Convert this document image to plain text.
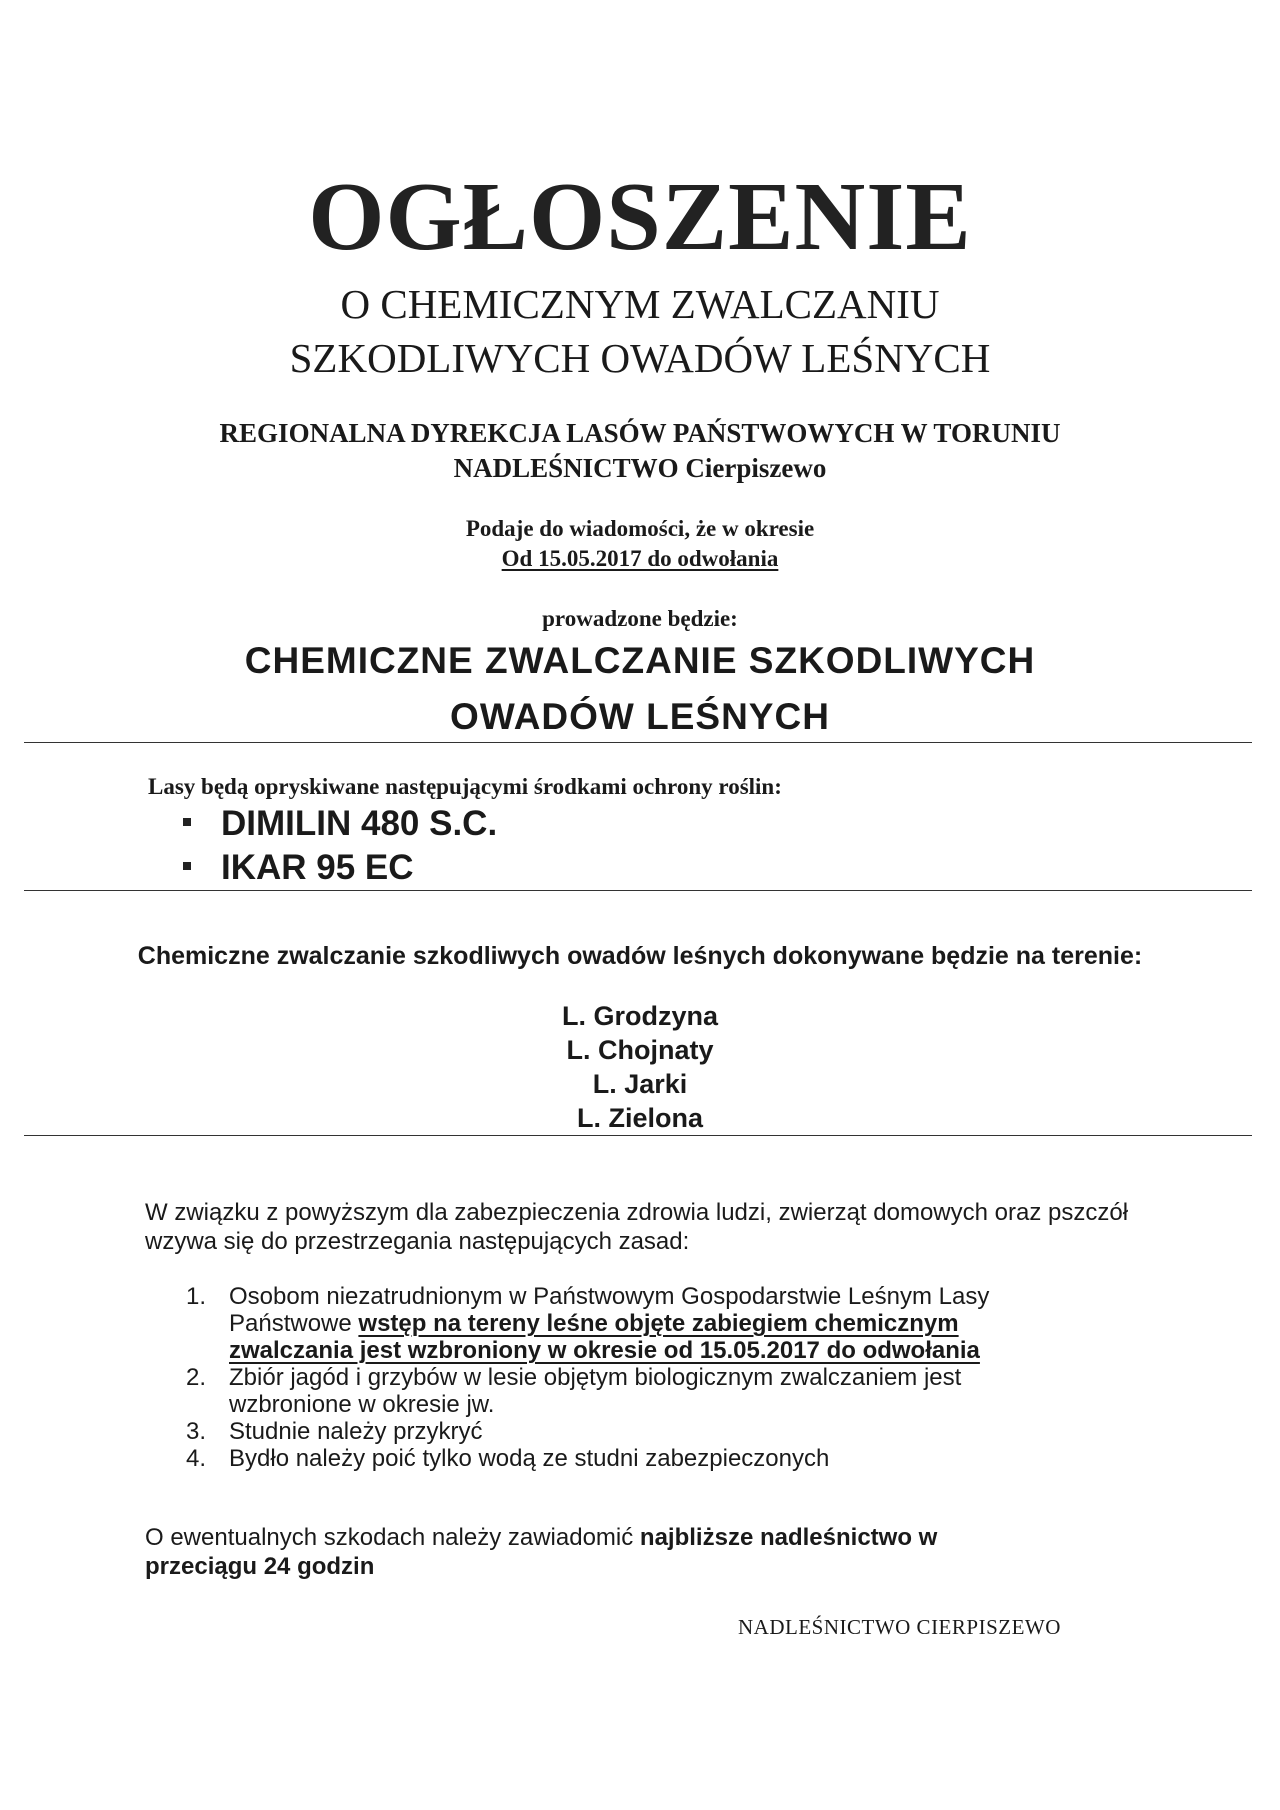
OGŁOSZENIE
O CHEMICZNYM ZWALCZANIU
SZKODLIWYCH OWADÓW LEŚNYCH
REGIONALNA DYREKCJA LASÓW PAŃSTWOWYCH W TORUNIU
NADLEŚNICTWO Cierpiszewo
Podaje do wiadomości, że w okresie
Od 15.05.2017 do odwołania
prowadzone będzie:
CHEMICZNE ZWALCZANIE SZKODLIWYCH
OWADÓW LEŚNYCH
Lasy będą opryskiwane następującymi środkami ochrony roślin:
DIMILIN 480 S.C.
IKAR 95 EC
Chemiczne zwalczanie szkodliwych owadów leśnych dokonywane będzie na terenie:
L. Grodzyna
L. Chojnaty
L. Jarki
L. Zielona
W związku z powyższym dla zabezpieczenia zdrowia ludzi, zwierząt domowych oraz pszczół wzywa się do przestrzegania następujących zasad:
1. Osobom niezatrudnionym w Państwowym Gospodarstwie Leśnym Lasy Państwowe wstęp na tereny leśne objęte zabiegiem chemicznym zwalczania jest wzbroniony w okresie od 15.05.2017 do odwołania
2. Zbiór jagód i grzybów w lesie objętym biologicznym zwalczaniem jest wzbronione w okresie jw.
3. Studnie należy przykryć
4. Bydło należy poić tylko wodą ze studni zabezpieczonych
O ewentualnych szkodach należy zawiadomić najbliższe nadleśnictwo w przeciągu 24 godzin
NADLEŚNICTWO CIERPISZEWO
